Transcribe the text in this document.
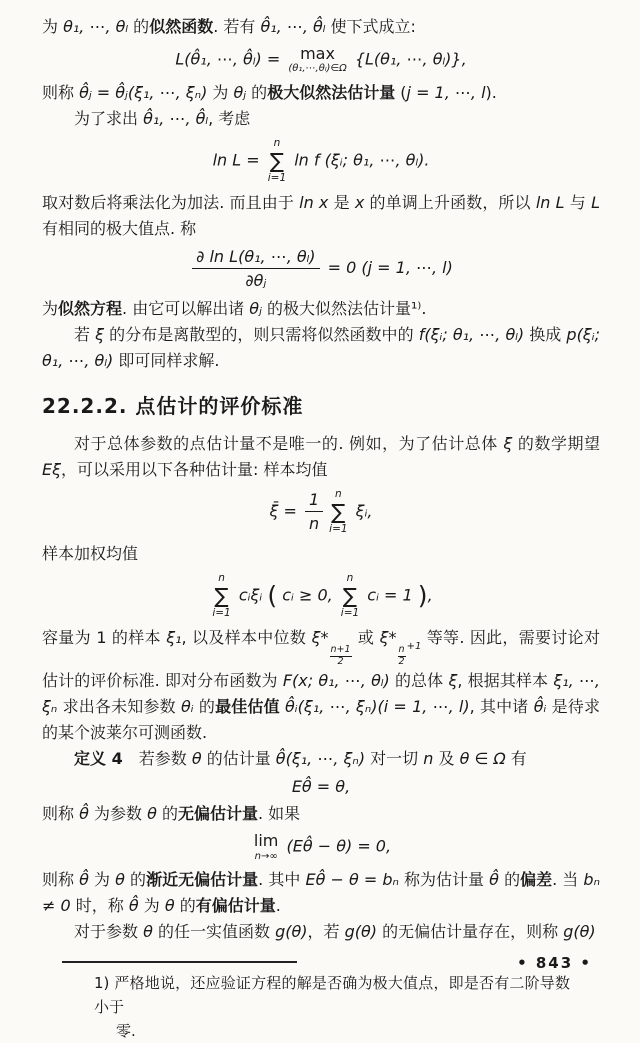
为 θ₁, ⋯, θₗ 的似然函数. 若有 θ̂₁, ⋯, θ̂ₗ 使下式成立:

L(θ̂₁, ⋯, θ̂ₗ) = max
(θ₁,⋯,θₗ)∈Ω
{L(θ₁, ⋯, θₗ)},

则称 θ̂ⱼ = θ̂ⱼ(ξ₁, ⋯, ξₙ) 为 θⱼ 的极大似然法估计量 (j = 1, ⋯, l).

为了求出 θ̂₁, ⋯, θ̂ₗ, 考虑

ln L =
n
∑
i=1
ln f (ξᵢ; θ₁, ⋯, θₗ).

取对数后将乘法化为加法. 而且由于 ln x 是 x 的单调上升函数，所以 ln L 与 L 有相同的极大值点. 称

$\frac{\text{∂ ln L(θ₁, ⋯, θₗ)}}{\text{∂θⱼ}} = 0$ (j = 1, ⋯, l)

为似然方程. 由它可以解出诸 θⱼ 的极大似然法估计量¹⁾.

若 ξ 的分布是离散型的，则只需将似然函数中的 f(ξᵢ; θ₁, ⋯, θₗ) 换成 p(ξᵢ; θ₁, ⋯, θₗ) 即可同样求解.

22.2.2. 点估计的评价标准

对于总体参数的点估计量不是唯一的. 例如，为了估计总体 ξ 的数学期望 Eξ，可以采用以下各种估计量: 样本均值

ξ̄ = $\frac{1}{n}$ n
∑
i=1
ξᵢ,

样本加权均值

n
∑
i=1
cᵢξᵢ ( cᵢ ≥ 0,
n
∑
i=1
cᵢ = 1 ),

容量为 1 的样本 ξ₁, 以及样本中位数 ξ*
$\frac{n+1}{2}$
或 ξ*
$\frac{n}{2} _{+1}$ 等等. 因此，需要讨论对估计的评价标准. 即对分布函数为 F(x; θ₁, ⋯, θₗ) 的总体 ξ, 根据其样本 ξ₁, ⋯, ξₙ 求出各未知参数 θᵢ 的最佳估值 θ̂ᵢ(ξ₁, ⋯, ξₙ)(i = 1, ⋯, l), 其中诸 θ̂ᵢ 是待求的某个波莱尔可测函数.

定义 4　若参数 θ 的估计量 θ̂(ξ₁, ⋯, ξₙ) 对一切 n 及 θ ∈ Ω 有

Eθ̂ = θ,

则称 θ̂ 为参数 θ 的无偏估计量. 如果

lim
n→∞
(Eθ̂ − θ) = 0,

则称 θ̂ 为 θ 的渐近无偏估计量. 其中 Eθ̂ − θ = bₙ 称为估计量 θ̂ 的偏差. 当 bₙ ≠ 0 时，称 θ̂ 为 θ 的有偏估计量.

对于参数 θ 的任一实值函数 g(θ)，若 g(θ) 的无偏估计量存在，则称 g(θ)

1) 严格地说，还应验证方程的解是否确为极大值点，即是否有二阶导数小于
零.
• 843 •
